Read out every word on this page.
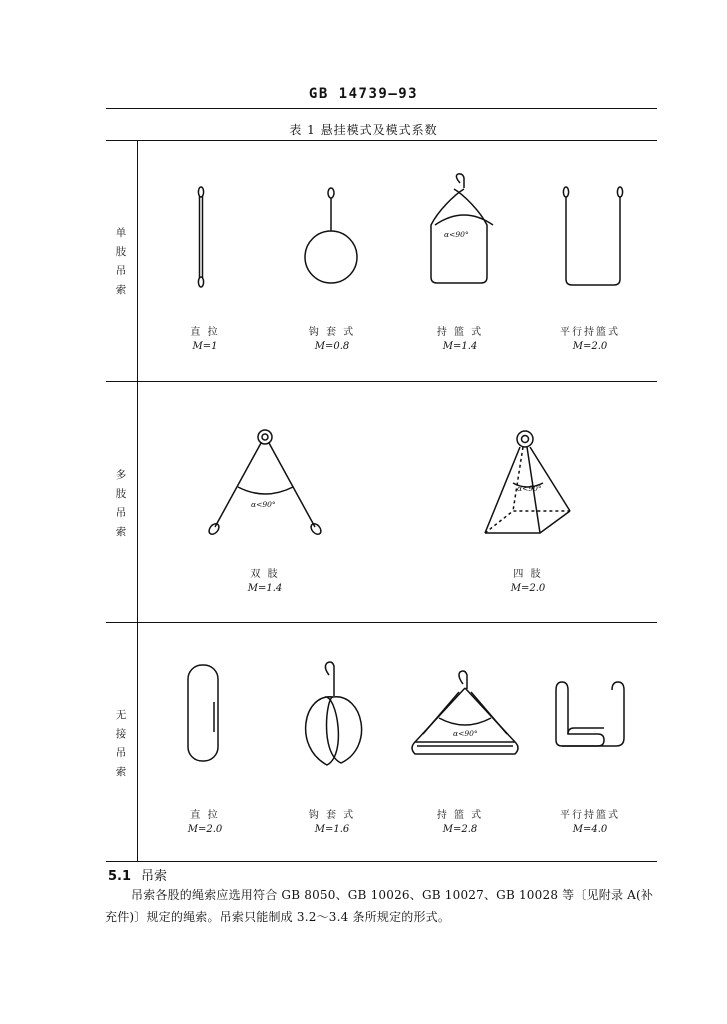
GB 14739—93
表 1 悬挂模式及模式系数
单
肢
吊
索
多
肢
吊
索
无
接
吊
索
α<90°
直 拉
M=1
钩 套 式
M=0.8
持 篮 式
M=1.4
平行持篮式
M=2.0
α<90°
α<90°
双 肢
M=1.4
四 肢
M=2.0
α<90°
直 拉
M=2.0
钩 套 式
M=1.6
持 篮 式
M=2.8
平行持篮式
M=4.0
5.1 吊索
吊索各股的绳索应选用符合 GB 8050、GB 10026、GB 10027、GB 10028 等〔见附录 A(补充件)〕规定的绳索。吊索只能制成 3.2～3.4 条所规定的形式。
